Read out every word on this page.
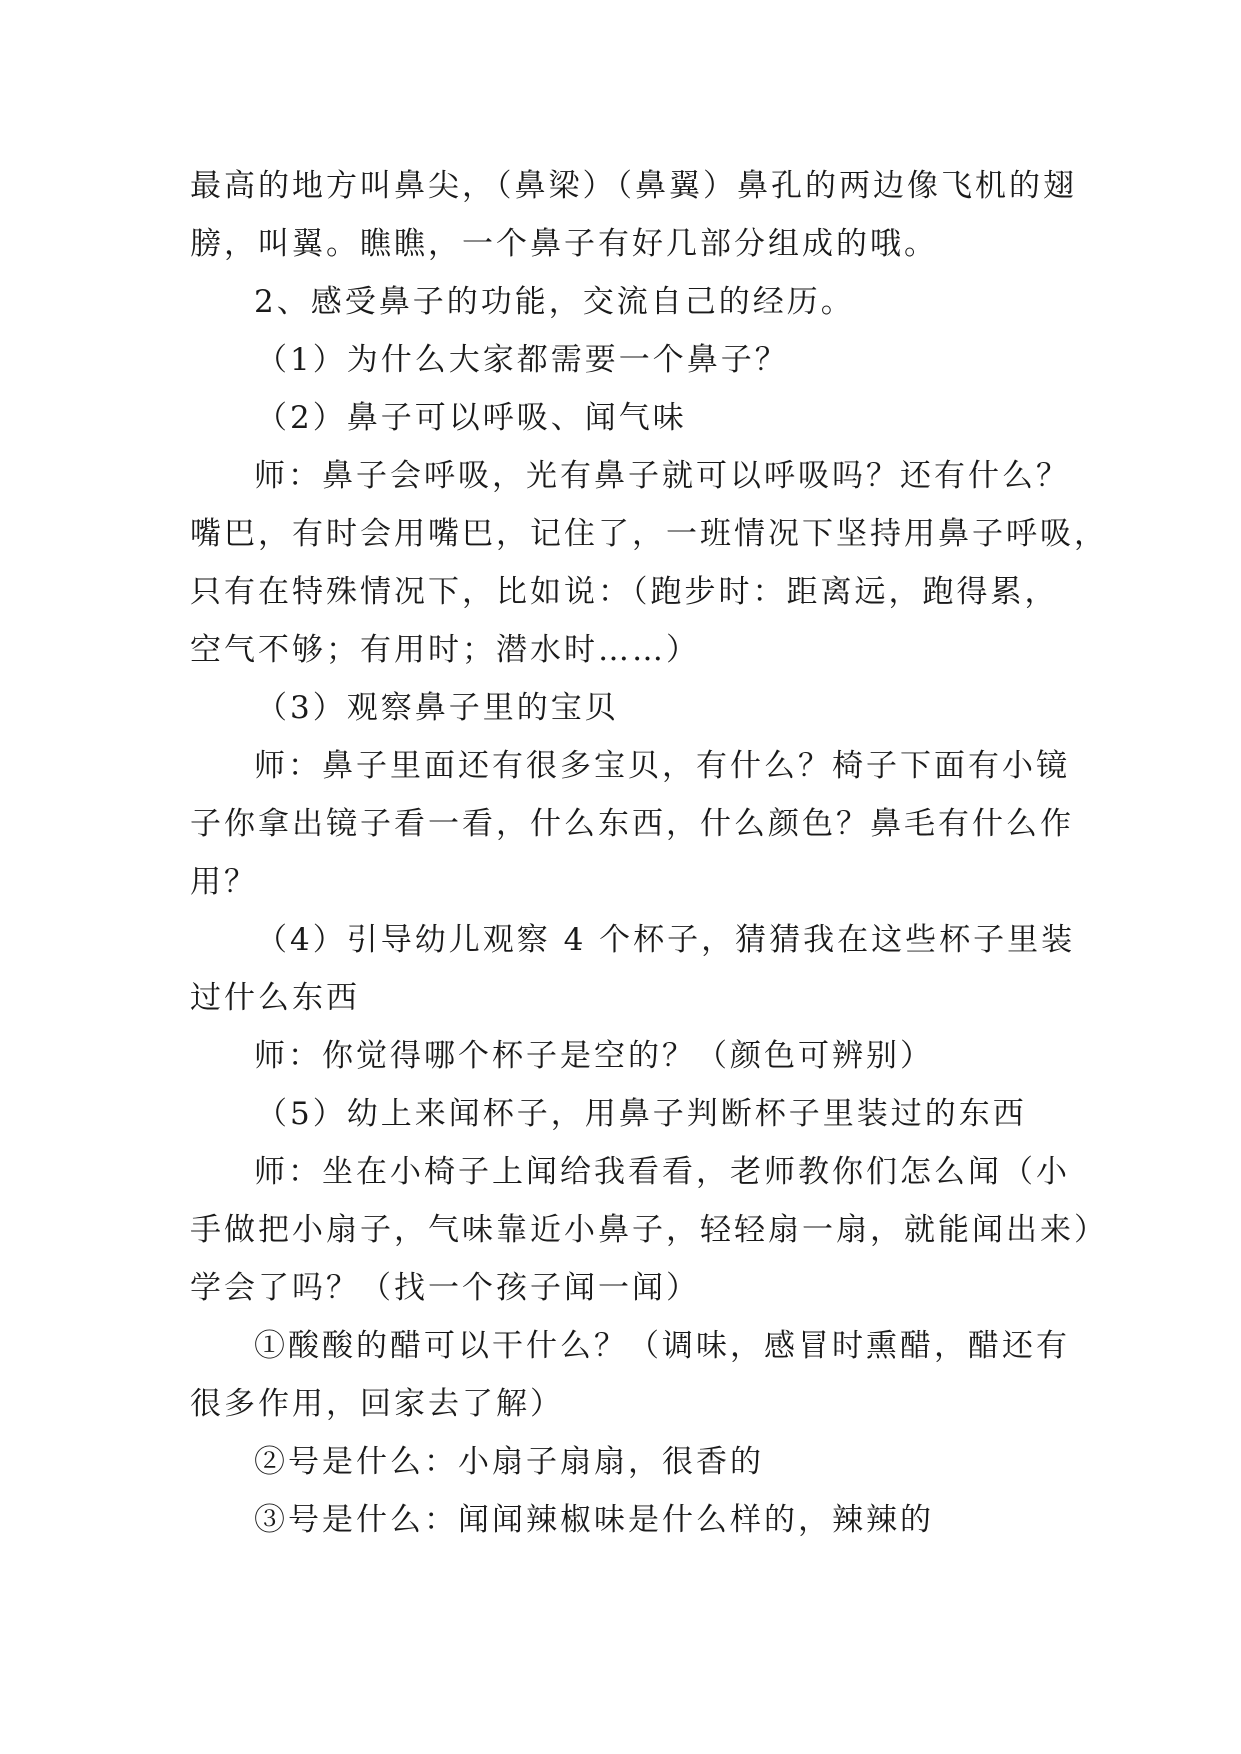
最高的地方叫鼻尖，（鼻梁）（鼻翼）鼻孔的两边像飞机的翅
膀，叫翼。瞧瞧，一个鼻子有好几部分组成的哦。
2、感受鼻子的功能，交流自己的经历。
（1）为什么大家都需要一个鼻子？
（2）鼻子可以呼吸、闻气味
师：鼻子会呼吸，光有鼻子就可以呼吸吗？还有什么？
嘴巴，有时会用嘴巴，记住了，一班情况下坚持用鼻子呼吸，
只有在特殊情况下，比如说：（跑步时：距离远，跑得累，
空气不够；有用时；潜水时……）
（3）观察鼻子里的宝贝
师：鼻子里面还有很多宝贝，有什么？椅子下面有小镜
子你拿出镜子看一看，什么东西，什么颜色？鼻毛有什么作
用？
（4）引导幼儿观察 4 个杯子，猜猜我在这些杯子里装
过什么东西
师：你觉得哪个杯子是空的？（颜色可辨别）
（5）幼上来闻杯子，用鼻子判断杯子里装过的东西
师：坐在小椅子上闻给我看看，老师教你们怎么闻（小
手做把小扇子，气味靠近小鼻子，轻轻扇一扇，就能闻出来）
学会了吗？（找一个孩子闻一闻）
①酸酸的醋可以干什么？（调味，感冒时熏醋，醋还有
很多作用，回家去了解）
②号是什么：小扇子扇扇，很香的
③号是什么：闻闻辣椒味是什么样的，辣辣的
